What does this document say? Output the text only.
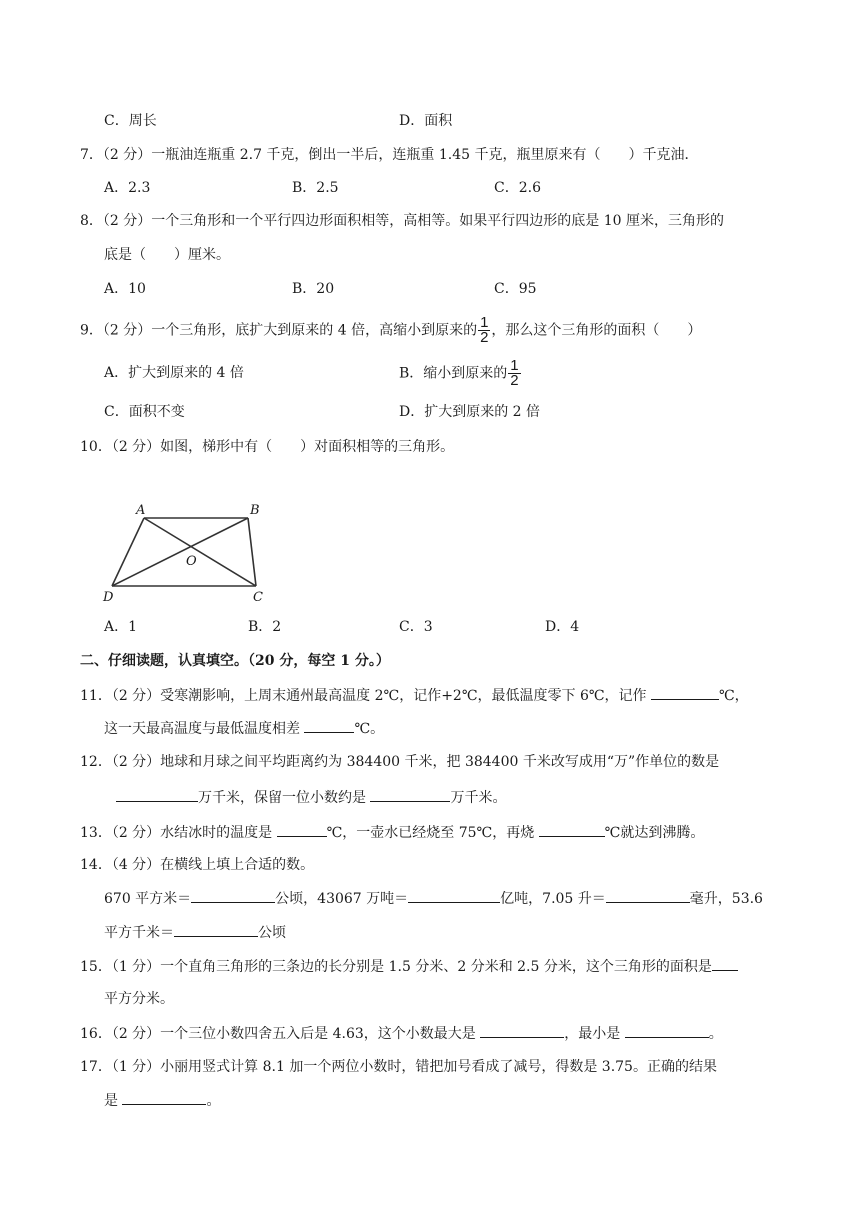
C．周长	D．面积
7．（2 分）一瓶油连瓶重 2.7 千克，倒出一半后，连瓶重 1.45 千克，瓶里原来有（　　）千克油．
A．2.3	B．2.5	C．2.6
8．（2 分）一个三角形和一个平行四边形面积相等，高相等。如果平行四边形的底是 10 厘米，三角形的
底是（　　）厘米。
A．10	B．20	C．95
9．（2 分）一个三角形，底扩大到原来的 4 倍，高缩小到原来的 $\frac{1}{2}$ ，那么这个三角形的面积（　　）
A．扩大到原来的 4 倍	B．缩小到原来的 $\frac{1}{2}$
C．面积不变	D．扩大到原来的 2 倍
10．（2 分）如图，梯形中有（　　）对面积相等的三角形。
A	B
C
D
O
A．1	B．2	C．3	D．4
二、仔细读题，认真填空。（20 分，每空 1 分。）
11．（2 分）受寒潮影响，上周末通州最高温度 2℃，记作+2℃，最低温度零下 6℃，记作	℃，
这一天最高温度与最低温度相差	℃。
12．（2 分）地球和月球之间平均距离约为 384400 千米，把 384400 千米改写成用“万”作单位的数是
万千米，保留一位小数约是	万千米。
13．（2 分）水结冰时的温度是	℃，一壶水已经烧至 75℃，再烧	℃就达到沸腾。
14．（4 分）在横线上填上合适的数。
670 平方米＝	公顷，43067 万吨＝	亿吨，7.05 升＝	毫升，53.6
平方千米＝	公顷
15．（1 分）一个直角三角形的三条边的长分别是 1.5 分米、2 分米和 2.5 分米，这个三角形的面积是
平方分米。
16．（2 分）一个三位小数四舍五入后是 4.63，这个小数最大是	，最小是	。
17．（1 分）小丽用竖式计算 8.1 加一个两位小数时，错把加号看成了减号，得数是 3.75。正确的结果
是	。
